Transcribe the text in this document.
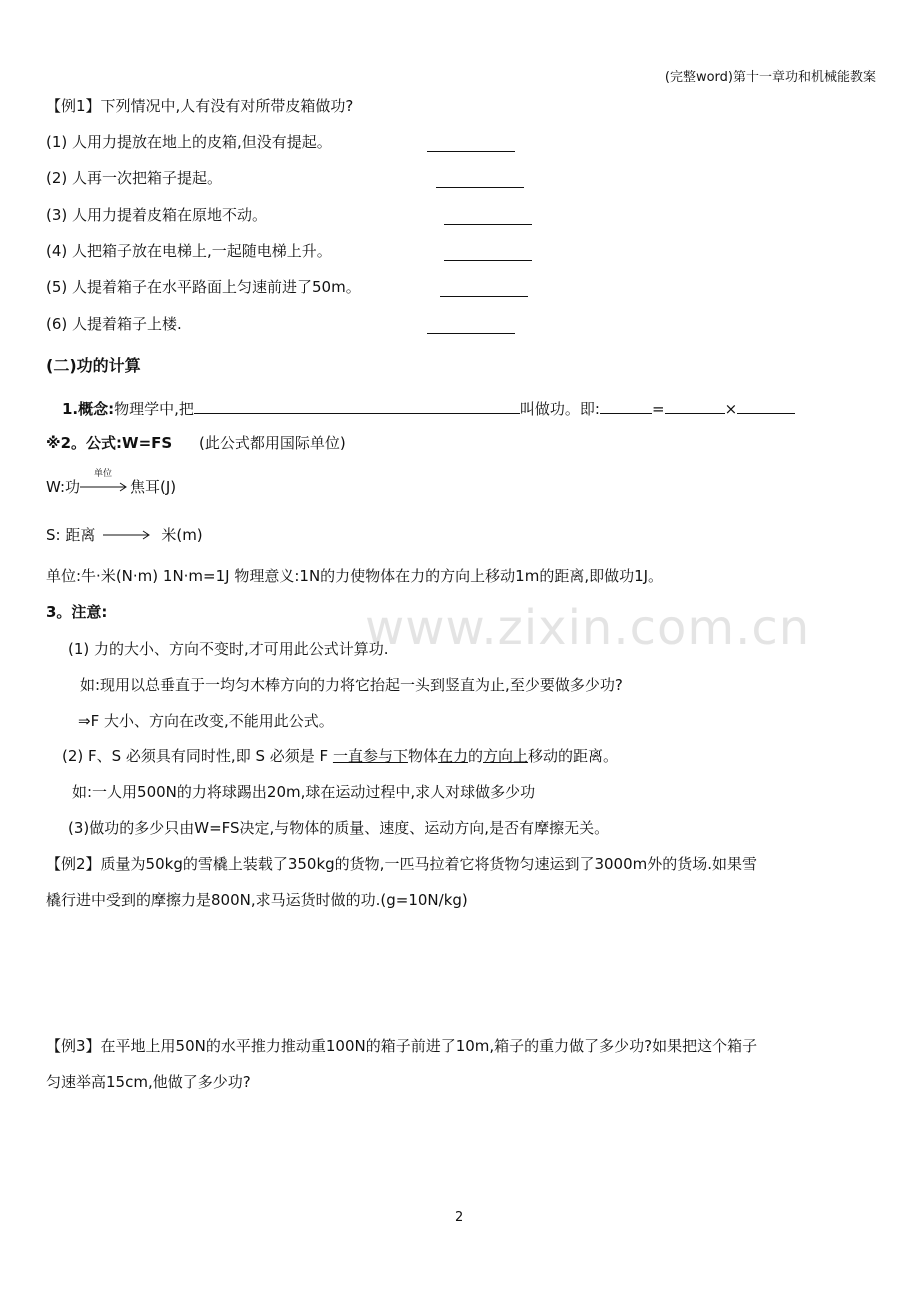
(完整word)第十一章功和机械能教案
【例1】下列情况中,人有没有对所带皮箱做功?
(1) 人用力提放在地上的皮箱,但没有提起。
(2) 人再一次把箱子提起。
(3) 人用力提着皮箱在原地不动。
(4) 人把箱子放在电梯上,一起随电梯上升。
(5) 人提着箱子在水平路面上匀速前进了50m。
(6) 人提着箱子上楼.
(二)功的计算
1.概念:物理学中,把	叫做功。即:	=	×
※2。公式:W=FS (此公式都用国际单位)
W:功
单位
焦耳(J)
S: 距离	米(m)
单位:牛·米(N·m) 1N·m=1J 物理意义:1N的力使物体在力的方向上移动1m的距离,即做功1J。
3。注意:	www.zixin.com.cn
(1) 力的大小、方向不变时,才可用此公式计算功.
如:现用以总垂直于一均匀木棒方向的力将它抬起一头到竖直为止,至少要做多少功?
⇒F 大小、方向在改变,不能用此公式。
(2) F、S 必须具有同时性,即 S 必须是 F 一直参与下物体在力的方向上移动的距离。
如:一人用500N的力将球踢出20m,球在运动过程中,求人对球做多少功
(3)做功的多少只由W=FS决定,与物体的质量、速度、运动方向,是否有摩擦无关。
【例2】质量为50kg的雪橇上装载了350kg的货物,一匹马拉着它将货物匀速运到了3000m外的货场.如果雪
橇行进中受到的摩擦力是800N,求马运货时做的功.(g=10N/kg)
【例3】在平地上用50N的水平推力推动重100N的箱子前进了10m,箱子的重力做了多少功?如果把这个箱子
匀速举高15cm,他做了多少功?
2
